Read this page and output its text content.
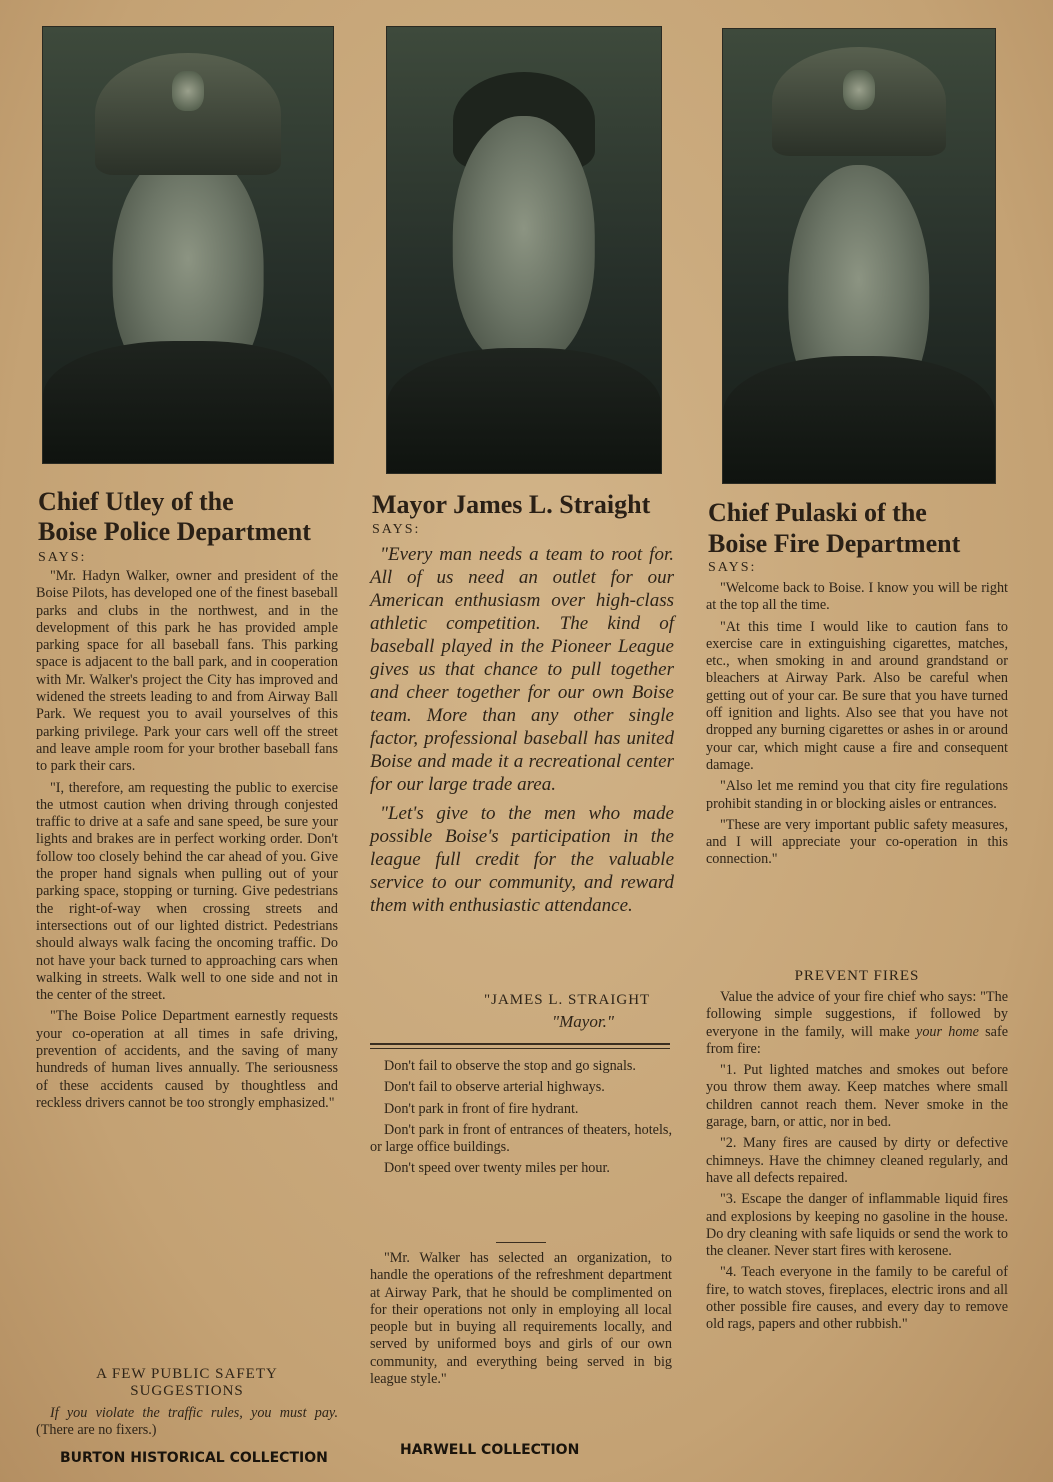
Chief Utley of the
Boise Police Department
SAYS:

"Mr. Hadyn Walker, owner and president of the Boise Pilots, has developed one of the finest baseball parks and clubs in the northwest, and in the development of this park he has provided ample parking space for all baseball fans. This parking space is adjacent to the ball park, and in cooperation with Mr. Walker's project the City has improved and widened the streets leading to and from Airway Ball Park. We request you to avail yourselves of this parking privilege. Park your cars well off the street and leave ample room for your brother baseball fans to park their cars.

"I, therefore, am requesting the public to exercise the utmost caution when driving through conjested traffic to drive at a safe and sane speed, be sure your lights and brakes are in perfect working order. Don't follow too closely behind the car ahead of you. Give the proper hand signals when pulling out of your parking space, stopping or turning. Give pedestrians the right-of-way when crossing streets and intersections out of our lighted district. Pedestrians should always walk facing the oncoming traffic. Do not have your back turned to approaching cars when walking in streets. Walk well to one side and not in the center of the street.

"The Boise Police Department earnestly requests your co-operation at all times in safe driving, prevention of accidents, and the saving of many hundreds of human lives annually. The seriousness of these accidents caused by thoughtless and reckless drivers cannot be too strongly emphasized."

A FEW PUBLIC SAFETY
SUGGESTIONS

If you violate the traffic rules, you must pay. (There are no fixers.)

Mayor James L. Straight
SAYS:

"Every man needs a team to root for. All of us need an outlet for our American enthusiasm over high-class athletic competition. The kind of baseball played in the Pioneer League gives us that chance to pull together and cheer together for our own Boise team. More than any other single factor, professional baseball has united Boise and made it a recreational center for our large trade area.

"Let's give to the men who made possible Boise's participation in the league full credit for the valuable service to our community, and reward them with enthusiastic attendance.

"JAMES L. STRAIGHT
"Mayor."

Don't fail to observe the stop and go signals.

Don't fail to observe arterial highways.

Don't park in front of fire hydrant.

Don't park in front of entrances of theaters, hotels, or large office buildings.

Don't speed over twenty miles per hour.

"Mr. Walker has selected an organization, to handle the operations of the refreshment department at Airway Park, that he should be complimented on for their operations not only in employing all local people but in buying all requirements locally, and served by uniformed boys and girls of our own community, and everything being served in big league style."

Chief Pulaski of the
Boise Fire Department
SAYS:

"Welcome back to Boise. I know you will be right at the top all the time.

"At this time I would like to caution fans to exercise care in extinguishing cigarettes, matches, etc., when smoking in and around grandstand or bleachers at Airway Park. Also be careful when getting out of your car. Be sure that you have turned off ignition and lights. Also see that you have not dropped any burning cigarettes or ashes in or around your car, which might cause a fire and consequent damage.

"Also let me remind you that city fire regulations prohibit standing in or blocking aisles or entrances.

"These are very important public safety measures, and I will appreciate your co-operation in this connection."

PREVENT FIRES

Value the advice of your fire chief who says: "The following simple suggestions, if followed by everyone in the family, will make your home safe from fire:

"1. Put lighted matches and smokes out before you throw them away. Keep matches where small children cannot reach them. Never smoke in the garage, barn, or attic, nor in bed.

"2. Many fires are caused by dirty or defective chimneys. Have the chimney cleaned regularly, and have all defects repaired.

"3. Escape the danger of inflammable liquid fires and explosions by keeping no gasoline in the house. Do dry cleaning with safe liquids or send the work to the cleaner. Never start fires with kerosene.

"4. Teach everyone in the family to be careful of fire, to watch stoves, fireplaces, electric irons and all other possible fire causes, and every day to remove old rags, papers and other rubbish."

BURTON HISTORICAL COLLECTION	HARWELL COLLECTION
